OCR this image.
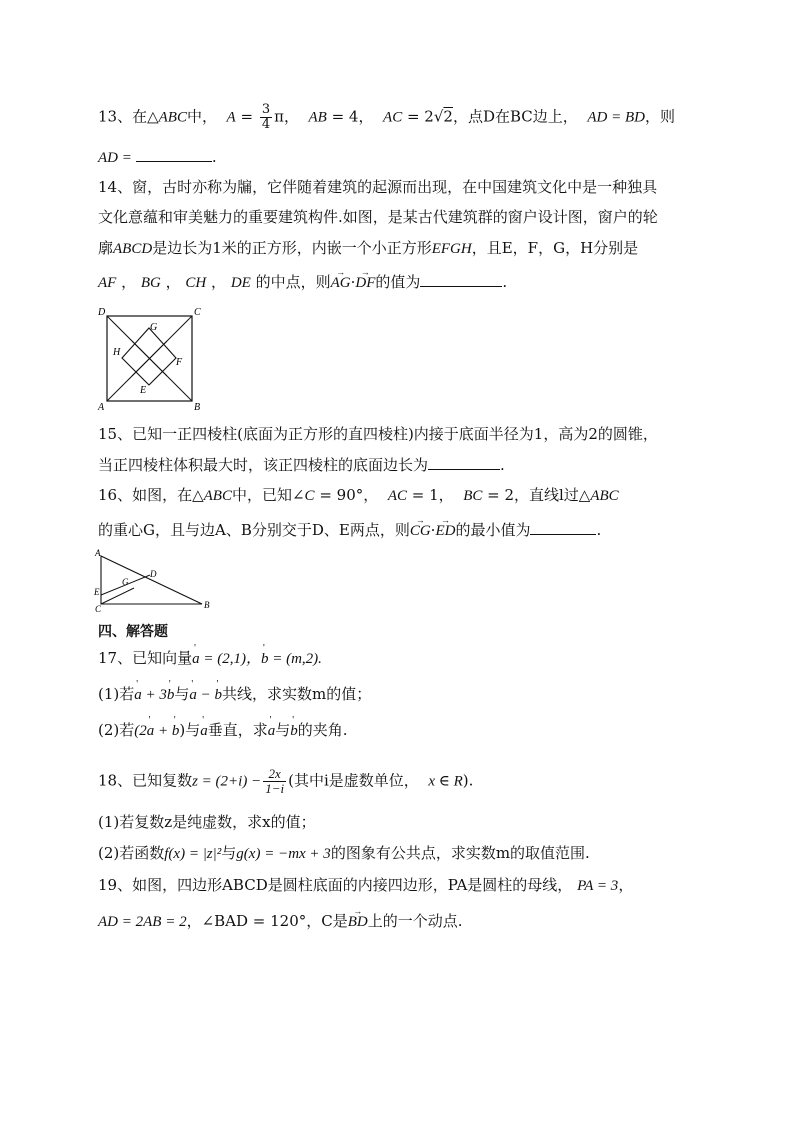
13、在△ABC中， $A = \frac{3}{4}$ π，  AB = 4，  AC = 2√2，点D在BC边上， AD = BD，则
AD =	.
14、窗，古时亦称为牖，它伴随着建筑的起源而出现，在中国建筑文化中是一种独具
文化意蕴和审美魅力的重要建筑构件.如图，是某古代建筑群的窗户设计图，窗户的轮
廓ABCD是边长为1米的正方形，内嵌一个小正方形EFGH，且E，F，G，H分别是
AF ， BG ， CH ， DE 的中点，则→ AG·→ DF的值为	.
D	C
A	B
G
F
E
H
15、已知一正四棱柱(底面为正方形的直四棱柱)内接于底面半径为1，高为2的圆锥，
当正四棱柱体积最大时，该正四棱柱的底面边长为	.
16、如图，在△ABC中，已知∠C = 90°， AC = 1， BC = 2，直线l过△ABC
的重心G，且与边A、B分别交于D、E两点，则→ CG·→ ED的最小值为	.
A
B
C
D
E
G
四、解答题
17、已知向量' a = (2,1)，' b = (m,2).
(1)若' a + 3' b与' a − ' b共线，求实数m的值；
(2)若(2' a + ' b)与' a垂直，求' a与' b的夹角.
18、已知复数$z = (2+i) - \frac{2x}{1-i}$ (其中i是虚数单位， x ∈ R).
(1)若复数z是纯虚数，求x的值；
(2)若函数f(x) = |z|²与g(x) = −mx + 3的图象有公共点，求实数m的取值范围.
19、如图，四边形ABCD是圆柱底面的内接四边形，PA是圆柱的母线， PA = 3，
AD = 2AB = 2，∠BAD = 120°，C是→ BD上的一个动点.
